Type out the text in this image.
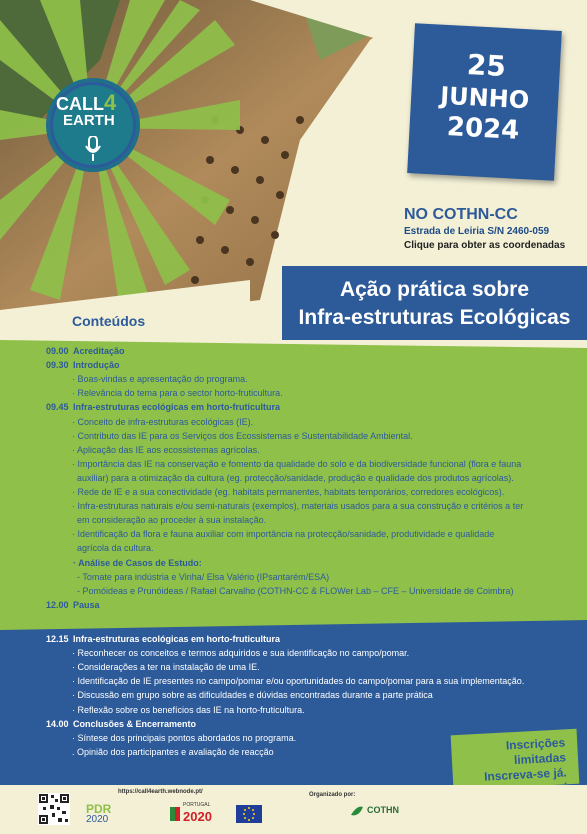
CALL4
EARTH
25
JUNHO
2024
NO COTHN-CC
Estrada de Leiria S/N 2460-059
Clique para obter as coordenadas
Ação prática sobre
Infra-estruturas Ecológicas
Conteúdos
09.00 Acreditação
09.30 Introdução
· Boas-vindas e apresentação do programa.
· Relevância do tema para o sector horto-fruticultura.
09.45 Infra-estruturas ecológicas em horto-fruticultura
· Conceito de infra-estruturas ecológicas (IE).
· Contributo das IE para os Serviços dos Ecossistemas e Sustentabilidade Ambiental.
· Aplicação das IE aos ecossistemas agrícolas.
· Importância das IE na conservação e fomento da qualidade do solo e da biodiversidade funcional (flora e fauna
auxiliar) para a otimização da cultura (eg. protecção/sanidade, produção e qualidade dos produtos agrícolas).
· Rede de IE e a sua conectividade (eg. habitats permanentes, habitats temporários, corredores ecológicos).
· Infra-estruturas naturais e/ou semi-naturais (exemplos), materiais usados para a sua construção e critérios a ter
em consideração ao proceder à sua instalação.
· Identificação da flora e fauna auxiliar com importância na protecção/sanidade, produtividade e qualidade
agrícola da cultura.
· Análise de Casos de Estudo:
- Tomate para indústria e Vinha/ Elsa Valério (IPsantarém/ESA)
- Pomóideas e Prunóideas / Rafael Carvalho (COTHN-CC & FLOWer Lab – CFE – Universidade de Coimbra)
12.00 Pausa
12.15 Infra-estruturas ecológicas em horto-fruticultura
· Reconhecer os conceitos e termos adquiridos e sua identificação no campo/pomar.
· Considerações a ter na instalação de uma IE.
· Identificação de IE presentes no campo/pomar e/ou oportunidades do campo/pomar para a sua implementação.
· Discussão em grupo sobre as dificuldades e dúvidas encontradas durante a parte prática
· Reflexão sobre os benefícios das IE na horto-fruticultura.
14.00 Conclusões & Encerramento
· Síntese dos principais pontos abordados no programa.
. Opinião dos participantes e avaliação de reacção	Inscrições limitadas
Inscreva-se já.
https://call4earth.webnode.pt/	Organizado por:
PDR
2020
PORTUGAL
2020	COTHN
